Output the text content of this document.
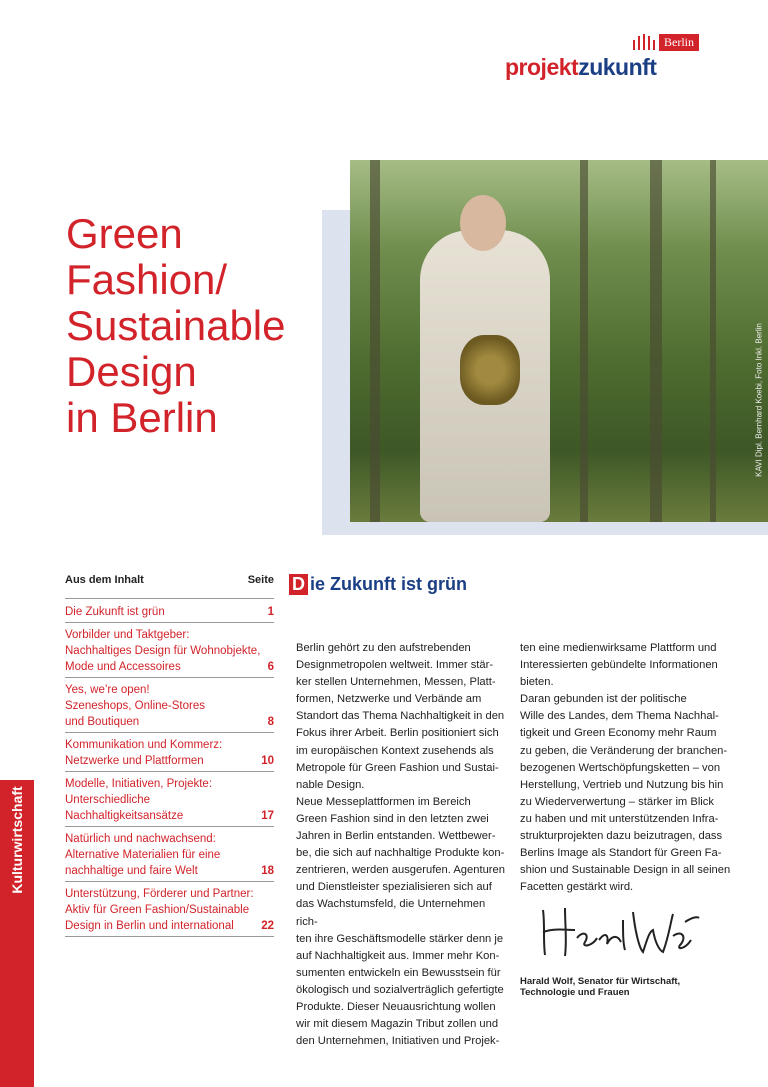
Kulturwirtschaft
Berlin
projektzukunft
KAVI Dipl. Bernhard Koebi, Foto Inkl. Berlin
Green
Fashion/
Sustainable
Design
in Berlin
Aus dem Inhalt	Seite
Die Zukunft ist grün	1
Vorbilder und Taktgeber:
Nachhaltiges Design für Wohnobjekte,
Mode und Accessoires	6
Yes, we’re open!
Szeneshops, Online-Stores
und Boutiquen	8
Kommunikation und Kommerz:
Netzwerke und Plattformen	10
Modelle, Initiativen, Projekte:
Unterschiedliche
Nachhaltigkeitsansätze	17
Natürlich und nachwachsend:
Alternative Materialien für eine
nachhaltige und faire Welt	18
Unterstützung, Förderer und Partner:
Aktiv für Green Fashion/Sustainable
Design in Berlin und international	22
D ie Zukunft ist grün
Berlin gehört zu den aufstrebenden
Designmetropolen weltweit. Immer stär-
ker stellen Unternehmen, Messen, Platt-
formen, Netzwerke und Verbände am
Standort das Thema Nachhaltigkeit in den
Fokus ihrer Arbeit. Berlin positioniert sich
im europäischen Kontext zusehends als
Metropole für Green Fashion und Sustai-
nable Design.
Neue Messeplattformen im Bereich
Green Fashion sind in den letzten zwei
Jahren in Berlin entstanden. Wettbewer-
be, die sich auf nachhaltige Produkte kon-
zentrieren, werden ausgerufen. Agenturen
und Dienstleister spezialisieren sich auf
das Wachstumsfeld, die Unternehmen rich-
ten ihre Geschäftsmodelle stärker denn je
auf Nachhaltigkeit aus. Immer mehr Kon-
sumenten entwickeln ein Bewusstsein für
ökologisch und sozialverträglich gefertigte
Produkte. Dieser Neuausrichtung wollen
wir mit diesem Magazin Tribut zollen und
den Unternehmen, Initiativen und Projek-
ten eine medienwirksame Plattform und
Interessierten gebündelte Informationen
bieten.
Daran gebunden ist der politische
Wille des Landes, dem Thema Nachhal-
tigkeit und Green Economy mehr Raum
zu geben, die Veränderung der branchen-
bezogenen Wertschöpfungsketten – von
Herstellung, Vertrieb und Nutzung bis hin
zu Wiederverwertung – stärker im Blick
zu haben und mit unterstützenden Infra-
strukturprojekten dazu beizutragen, dass
Berlins Image als Standort für Green Fa-
shion und Sustainable Design in all seinen
Facetten gestärkt wird.
Harald Wolf, Senator für Wirtschaft,
Technologie und Frauen
